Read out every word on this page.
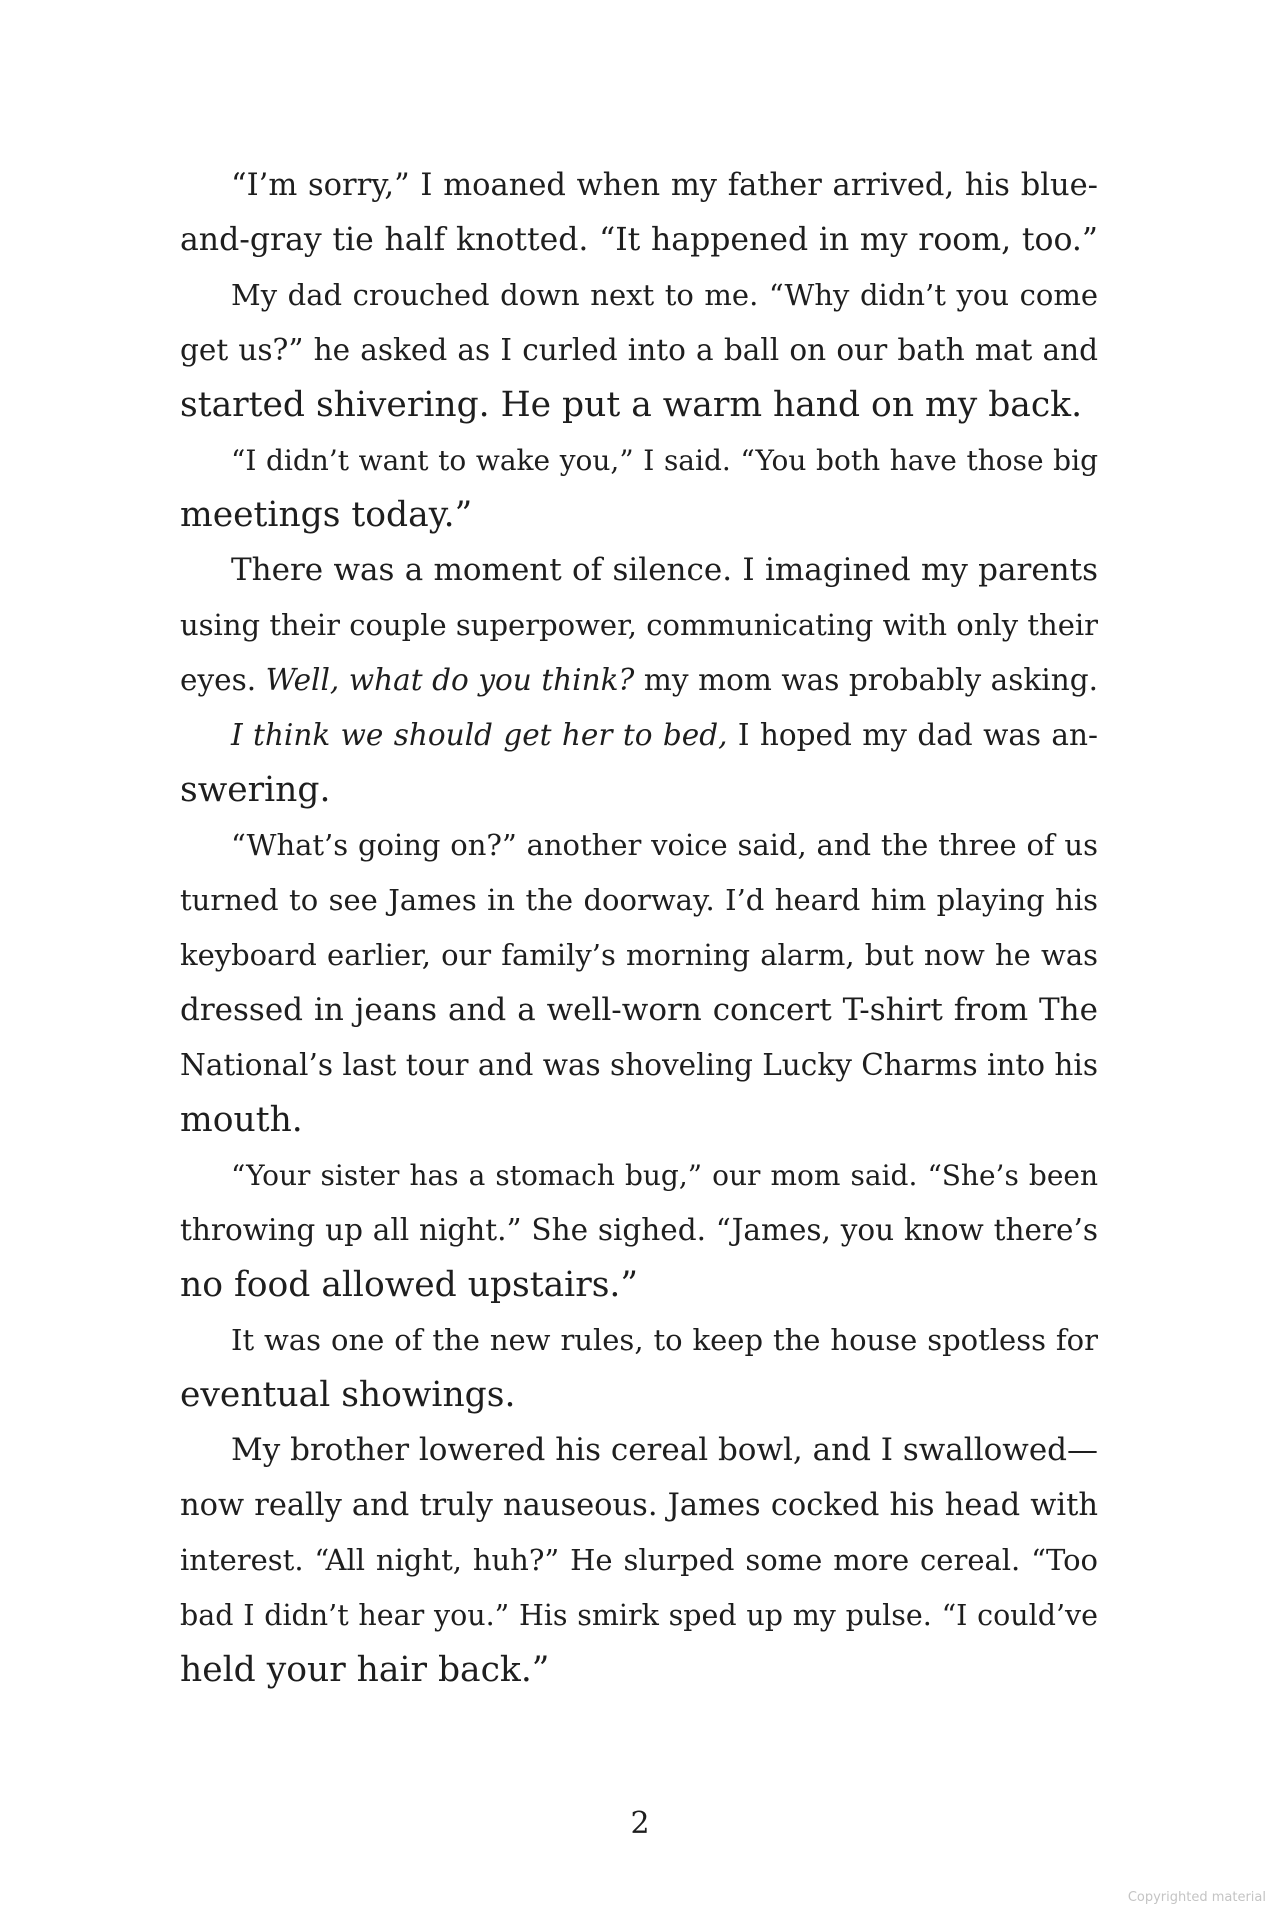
“I’m sorry,” I moaned when my father arrived, his blue-
and-gray tie half knotted. “It happened in my room, too.”
My dad crouched down next to me. “Why didn’t you come
get us?” he asked as I curled into a ball on our bath mat and
started shivering. He put a warm hand on my back.
“I didn’t want to wake you,” I said. “You both have those big
meetings today.”
There was a moment of silence. I imagined my parents
using their couple superpower, communicating with only their
eyes. Well, what do you think? my mom was probably asking.
I think we should get her to bed, I hoped my dad was an-
swering.
“What’s going on?” another voice said, and the three of us
turned to see James in the doorway. I’d heard him playing his
keyboard earlier, our family’s morning alarm, but now he was
dressed in jeans and a well-worn concert T-shirt from The
National’s last tour and was shoveling Lucky Charms into his
mouth.
“Your sister has a stomach bug,” our mom said. “She’s been
throwing up all night.” She sighed. “James, you know there’s
no food allowed upstairs.”
It was one of the new rules, to keep the house spotless for
eventual showings.
My brother lowered his cereal bowl, and I swallowed—
now really and truly nauseous. James cocked his head with
interest. “All night, huh?” He slurped some more cereal. “Too
bad I didn’t hear you.” His smirk sped up my pulse. “I could’ve
held your hair back.”
2
Copyrighted material
